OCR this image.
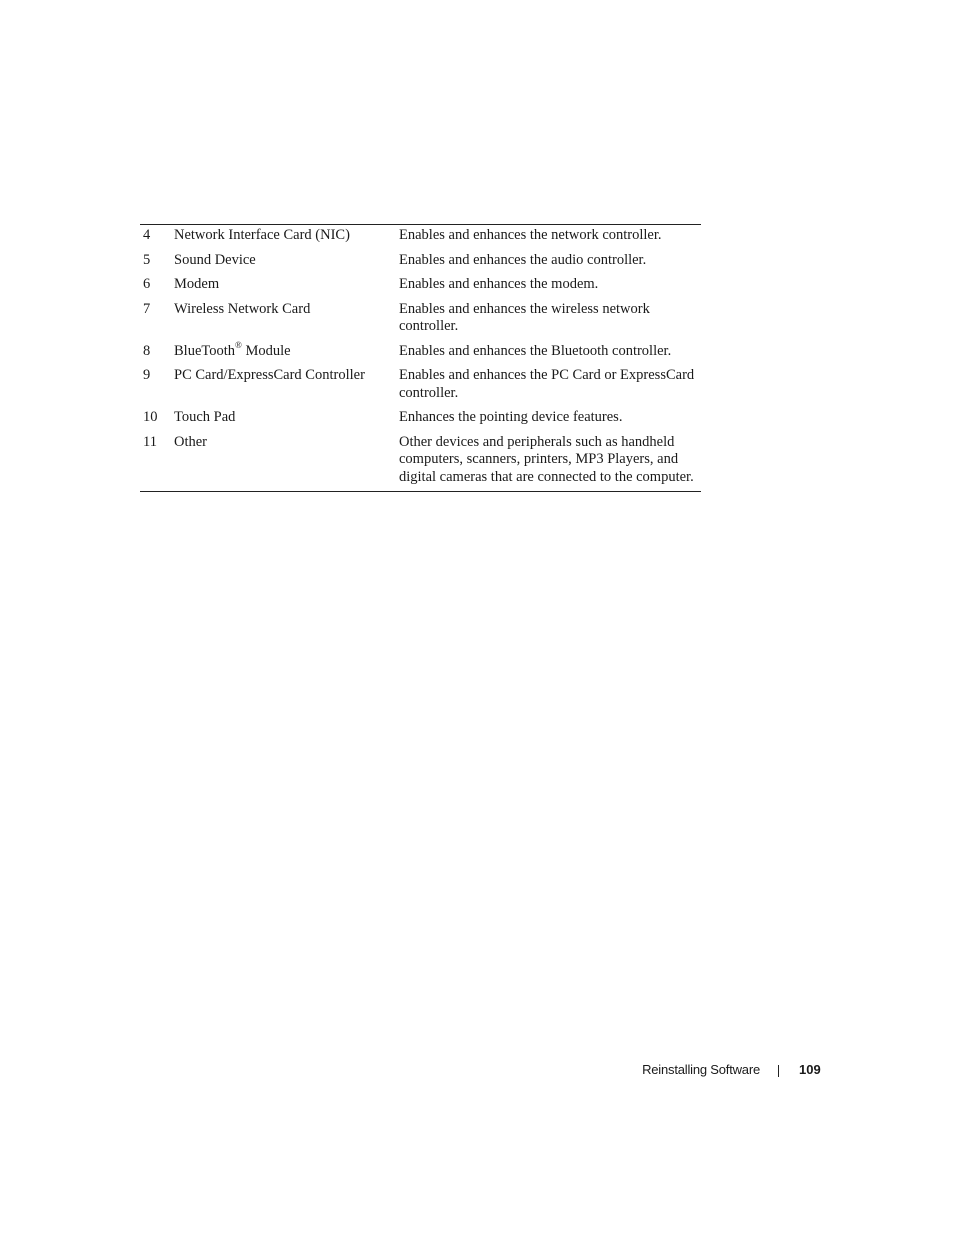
4	Network Interface Card (NIC)	Enables and enhances the network controller.
5	Sound Device	Enables and enhances the audio controller.
6	Modem	Enables and enhances the modem.
7	Wireless Network Card	Enables and enhances the wireless network controller.
8	BlueTooth® Module	Enables and enhances the Bluetooth controller.
9	PC Card/ExpressCard Controller	Enables and enhances the PC Card or ExpressCard controller.
10	Touch Pad	Enhances the pointing device features.
11	Other	Other devices and peripherals such as handheld computers, scanners, printers, MP3 Players, and digital cameras that are connected to the computer.
Reinstalling Software	109
